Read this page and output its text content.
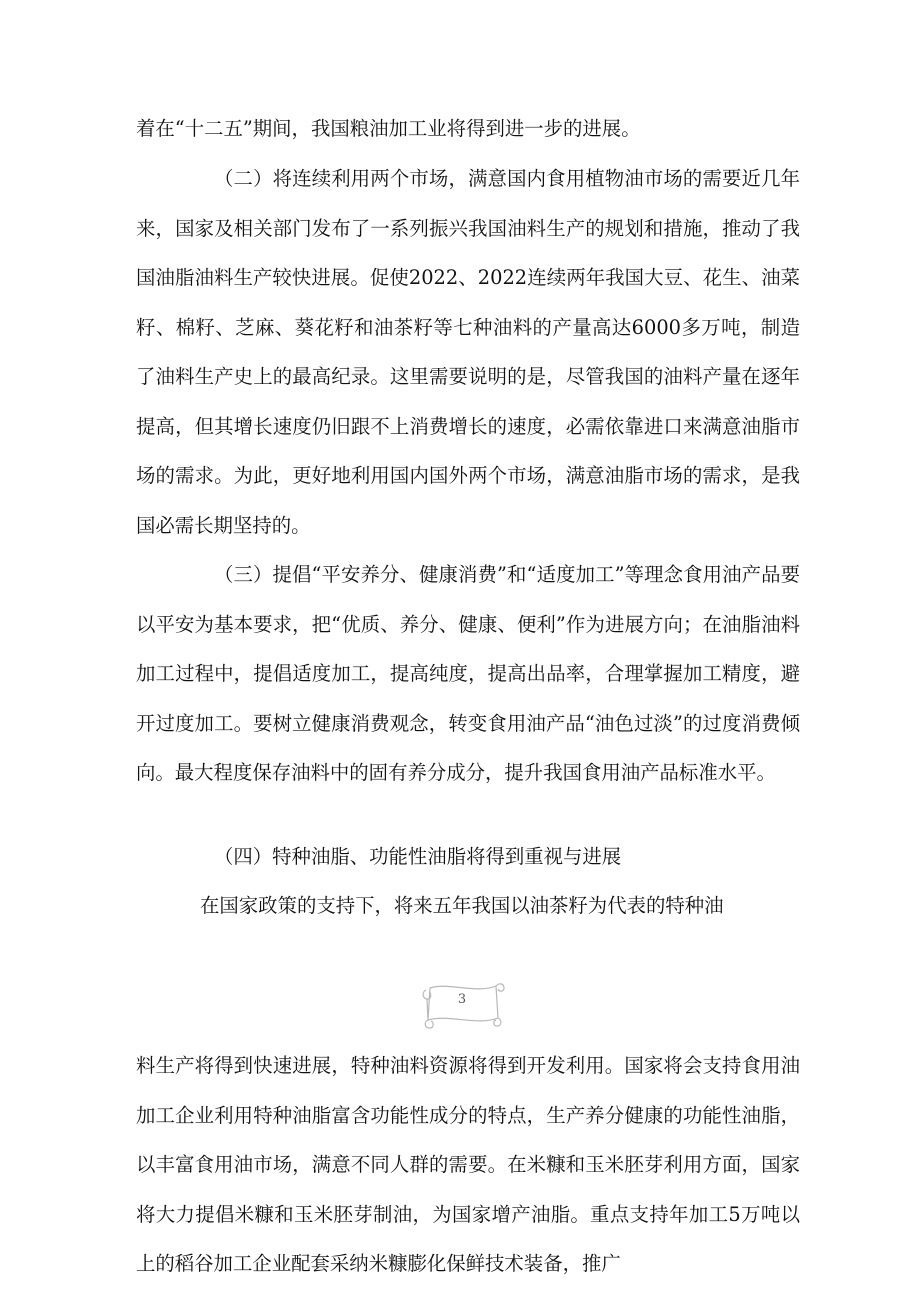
着在“十二五”期间，我国粮油加工业将得到进一步的进展。

（二）将连续利用两个市场，满意国内食用植物油市场的需要近几年来，国家及相关部门发布了一系列振兴我国油料生产的规划和措施，推动了我国油脂油料生产较快进展。促使2022、2022连续两年我国大豆、花生、油菜籽、棉籽、芝麻、葵花籽和油茶籽等七种油料的产量高达6000多万吨，制造了油料生产史上的最高纪录。这里需要说明的是，尽管我国的油料产量在逐年提高，但其增长速度仍旧跟不上消费增长的速度，必需依靠进口来满意油脂市场的需求。为此，更好地利用国内国外两个市场，满意油脂市场的需求，是我国必需长期坚持的。

（三）提倡“平安养分、健康消费”和“适度加工”等理念食用油产品要以平安为基本要求，把“优质、养分、健康、便利”作为进展方向；在油脂油料加工过程中，提倡适度加工，提高纯度，提高出品率，合理掌握加工精度，避开过度加工。要树立健康消费观念，转变食用油产品“油色过淡”的过度消费倾向。最大程度保存油料中的固有养分成分，提升我国食用油产品标准水平。

（四）特种油脂、功能性油脂将得到重视与进展

在国家政策的支持下，将来五年我国以油茶籽为代表的特种油

3

料生产将得到快速进展，特种油料资源将得到开发利用。国家将会支持食用油加工企业利用特种油脂富含功能性成分的特点，生产养分健康的功能性油脂，以丰富食用油市场，满意不同人群的需要。在米糠和玉米胚芽利用方面，国家将大力提倡米糠和玉米胚芽制油，为国家增产油脂。重点支持年加工5万吨以上的稻谷加工企业配套采纳米糠膨化保鲜技术装备，推广
